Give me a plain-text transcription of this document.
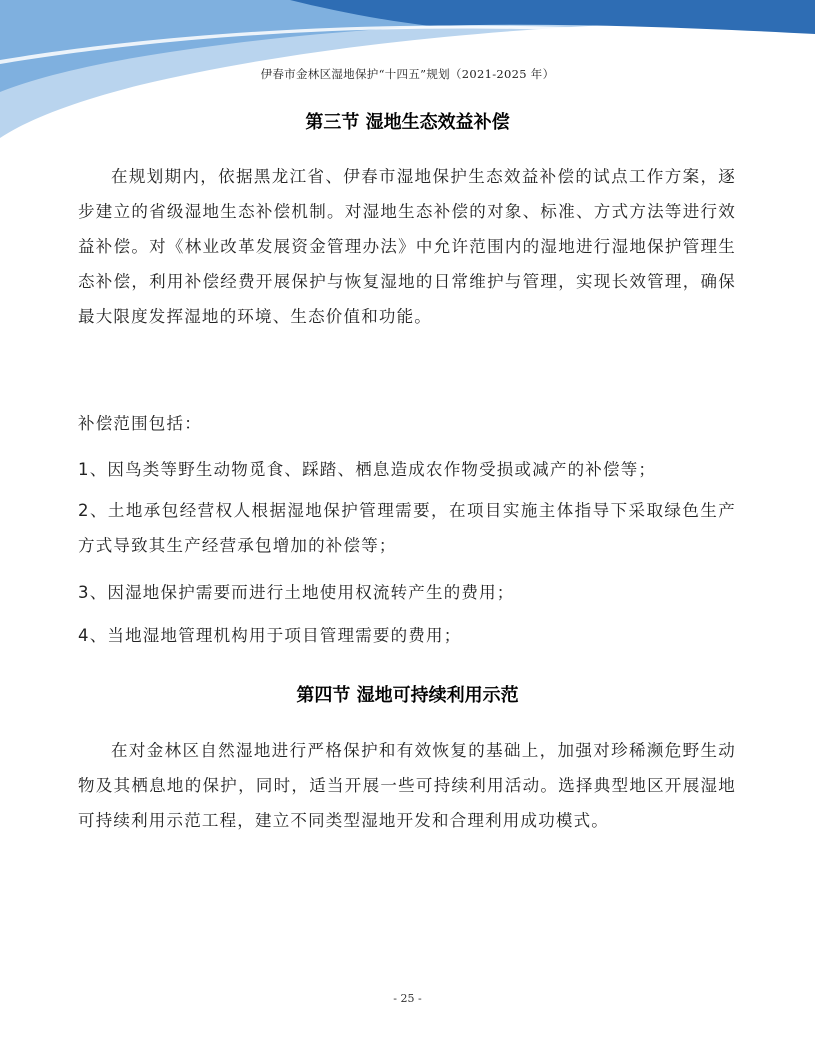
伊春市金林区湿地保护“十四五”规划（2021-2025 年）
第三节 湿地生态效益补偿

在规划期内，依据黑龙江省、伊春市湿地保护生态效益补偿的试点工作方案，逐步建立的省级湿地生态补偿机制。对湿地生态补偿的对象、标准、方式方法等进行效益补偿。对《林业改革发展资金管理办法》中允许范围内的湿地进行湿地保护管理生态补偿，利用补偿经费开展保护与恢复湿地的日常维护与管理，实现长效管理，确保最大限度发挥湿地的环境、生态价值和功能。

补偿范围包括：
1、因鸟类等野生动物觅食、踩踏、栖息造成农作物受损或减产的补偿等；

2、土地承包经营权人根据湿地保护管理需要，在项目实施主体指导下采取绿色生产方式导致其生产经营承包增加的补偿等；

3、因湿地保护需要而进行土地使用权流转产生的费用；
4、当地湿地管理机构用于项目管理需要的费用；
第四节 湿地可持续利用示范

在对金林区自然湿地进行严格保护和有效恢复的基础上，加强对珍稀濒危野生动物及其栖息地的保护，同时，适当开展一些可持续利用活动。选择典型地区开展湿地可持续利用示范工程，建立不同类型湿地开发和合理利用成功模式。

- 25 -
